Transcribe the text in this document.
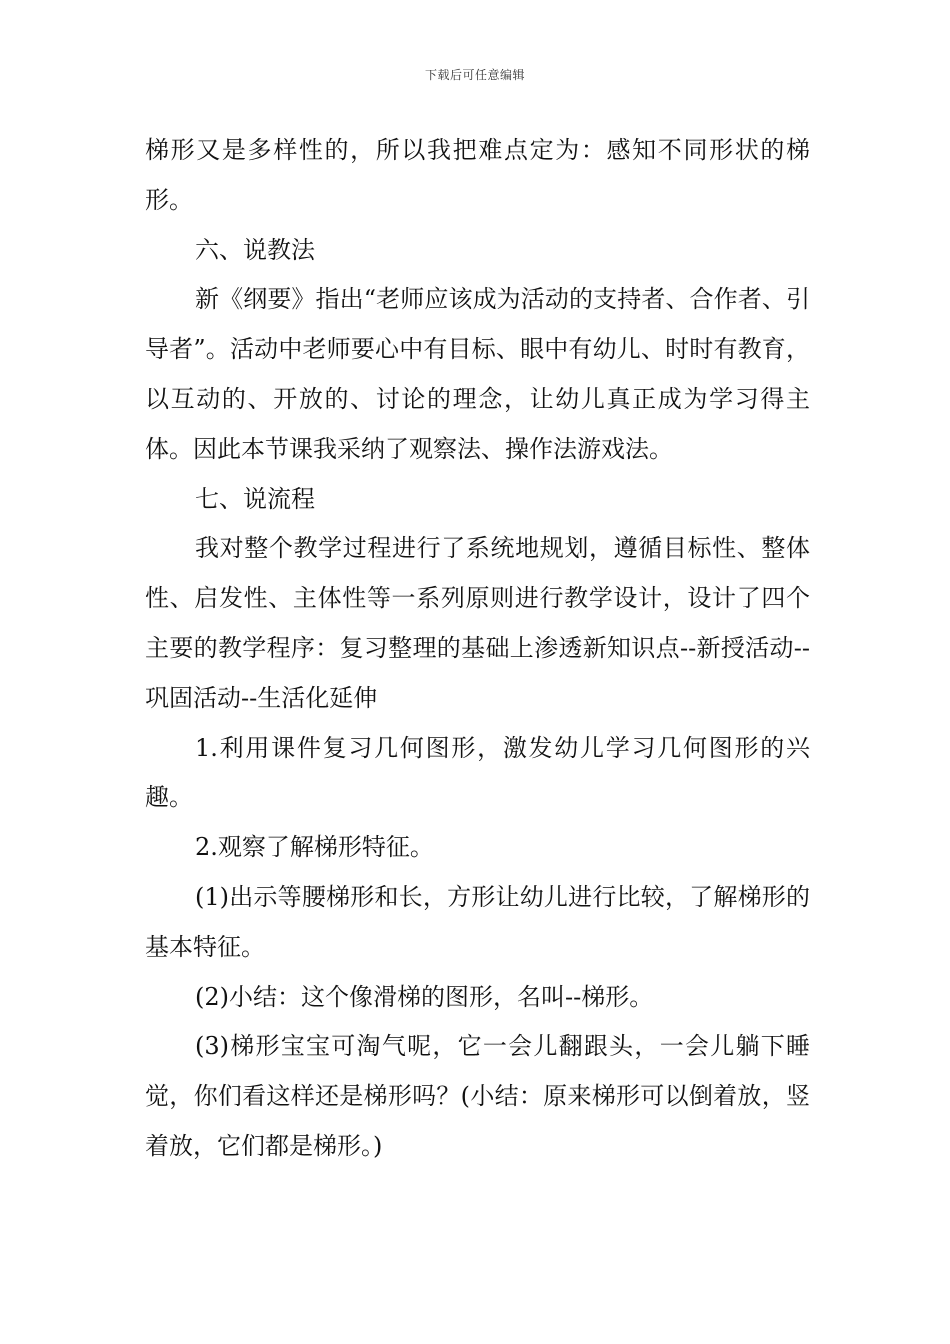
下载后可任意编辑

梯形又是多样性的，所以我把难点定为：感知不同形状的梯形。

六、说教法

新《纲要》指出“老师应该成为活动的支持者、合作者、引导者”。活动中老师要心中有目标、眼中有幼儿、时时有教育，以互动的、开放的、讨论的理念，让幼儿真正成为学习得主体。因此本节课我采纳了观察法、操作法游戏法。

七、说流程

我对整个教学过程进行了系统地规划，遵循目标性、整体性、启发性、主体性等一系列原则进行教学设计，设计了四个主要的教学程序：复习整理的基础上渗透新知识点--新授活动--巩固活动--生活化延伸

1.利用课件复习几何图形，激发幼儿学习几何图形的兴趣。

2.观察了解梯形特征。

(1)出示等腰梯形和长，方形让幼儿进行比较，了解梯形的基本特征。

(2)小结：这个像滑梯的图形，名叫--梯形。

(3)梯形宝宝可淘气呢，它一会儿翻跟头，一会儿躺下睡觉，你们看这样还是梯形吗？(小结：原来梯形可以倒着放，竖着放，它们都是梯形。)
